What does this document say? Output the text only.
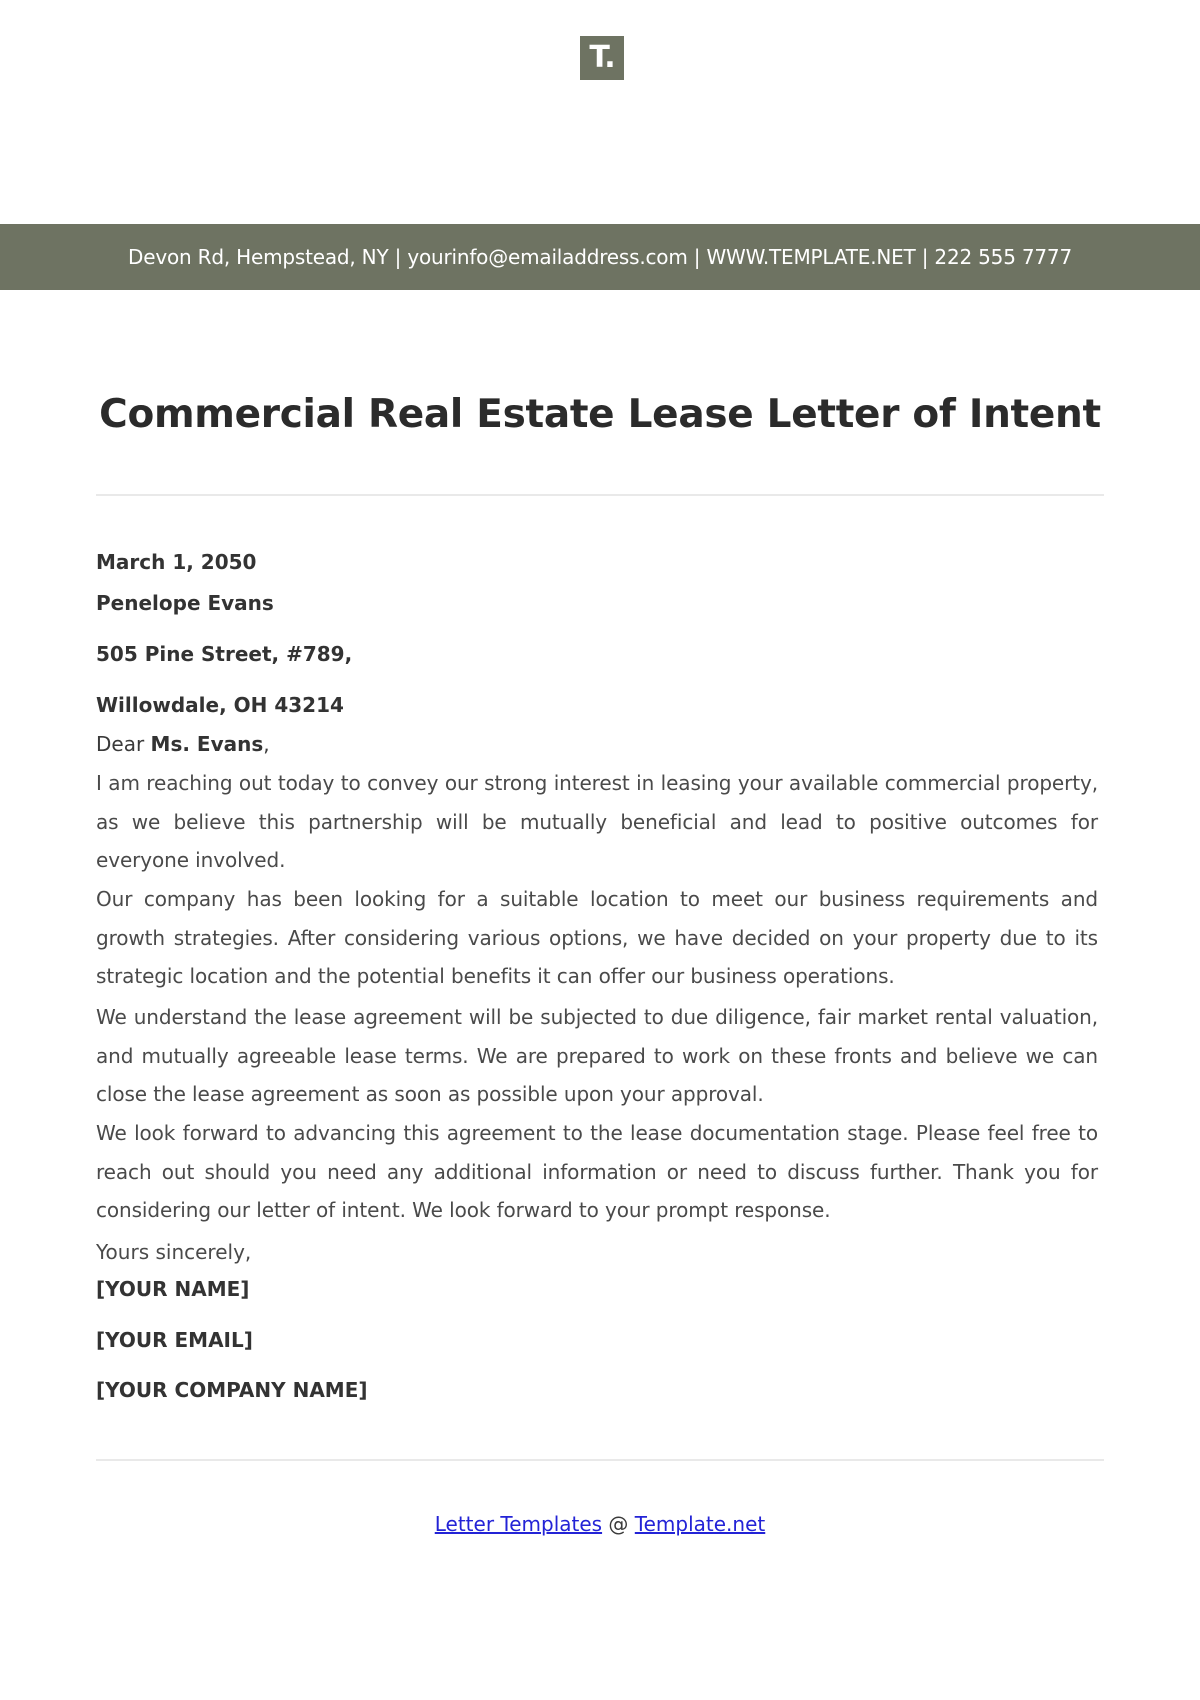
T.
Devon Rd, Hempstead, NY | yourinfo@emailaddress.com | WWW.TEMPLATE.NET | 222 555 7777
Commercial Real Estate Lease Letter of Intent
March 1, 2050
Penelope Evans
505 Pine Street, #789,
Willowdale, OH 43214
Dear Ms. Evans,
I am reaching out today to convey our strong interest in leasing your available commercial property, as we believe this partnership will be mutually beneficial and lead to positive outcomes for everyone involved.
Our company has been looking for a suitable location to meet our business requirements and growth strategies. After considering various options, we have decided on your property due to its strategic location and the potential benefits it can offer our business operations.
We understand the lease agreement will be subjected to due diligence, fair market rental valuation, and mutually agreeable lease terms. We are prepared to work on these fronts and believe we can close the lease agreement as soon as possible upon your approval.
We look forward to advancing this agreement to the lease documentation stage. Please feel free to reach out should you need any additional information or need to discuss further. Thank you for considering our letter of intent. We look forward to your prompt response.
Yours sincerely,
[YOUR NAME]
[YOUR EMAIL]
[YOUR COMPANY NAME]
Letter Templates @ Template.net
